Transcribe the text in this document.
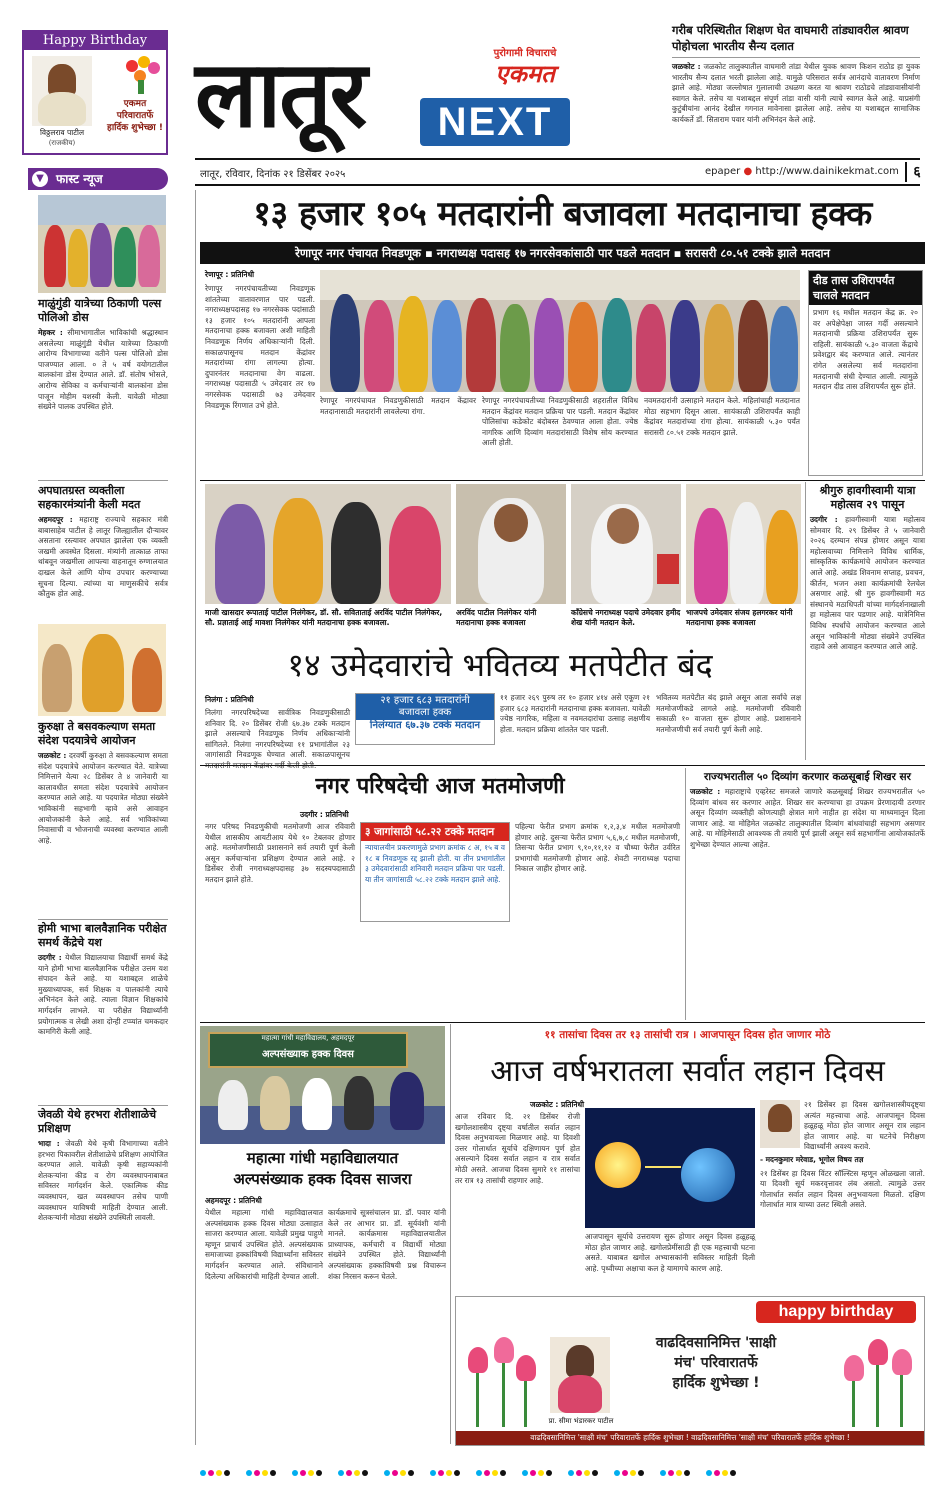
Happy Birthday
विठ्ठलराव पाटील
(राजकीय)
एकमत
परिवारातर्फे
हार्दिक शुभेच्छा ! लातूर	पुरोगामी विचाराचे
एकमत
NEXT
गरीब परिस्थितीत शिक्षण घेत वाघमारी तांड्यावरील श्रावण पोहोचला भारतीय सैन्य दलात
जळकोट : जळकोट तालुक्यातील वाघमारी तांडा येथील युवक श्रावण किशन राठोड हा युवक भारतीय सैन्य दलात भरती झालेला आहे. यामुळे परिसरात सर्वत्र आनंदाचे वातावरण निर्माण झाले आहे. मोठ्या जल्लोषात गुलालाची उधळण करत या श्रावण राठोडचे तांड्यावासीयांनी स्वागत केले. तसेच या यशाबद्दल संपूर्ण तांडा वासी यांनी त्याचे स्वागत केले आहे. याप्रसंगी कुटुंबीयांना आनंद देखील गगनात मावेनासा झालेला आहे. तसेच या यशाबद्दल सामाजिक कार्यकर्ते डॉ. सिताराम पवार यांनी अभिनंदन केले आहे.
लातूर, रविवार, दिनांक २१ डिसेंबर २०२५	epaper ● http://www.dainikekmat.com	६
▼	फास्ट न्यूज
माळुंगुंडी यात्रेच्या ठिकाणी पल्स पोलिओ डोस
मेहकर : सीमाभागातील भाविकांची श्रद्धास्थान असलेल्या माळुंगुंडी येथील यात्रेच्या ठिकाणी आरोग्य विभागाच्या वतीने पल्स पोलिओ डोस पाजण्यात आला. ० ते ५ वर्ष वयोगटातील बालकांना डोस देण्यात आले. डॉ. संतोष भोसले, आरोग्य सेविका व कर्मचाऱ्यांनी बालकांना डोस पाजून मोहीम यशस्वी केली. यावेळी मोठ्या संख्येने पालक उपस्थित होते.
अपघातग्रस्त व्यक्तीला सहकारमंत्र्यांनी केली मदत
अहमदपूर : महाराष्ट्र राज्याचे सहकार मंत्री बाबासाहेब पाटील हे लातूर जिल्ह्यातील दौऱ्यावर असताना रस्त्यावर अपघात झालेला एक व्यक्ती जखमी अवस्थेत दिसला. मंत्र्यांनी तात्काळ ताफा थांबवून जखमीला आपल्या वाहनातून रुग्णालयात दाखल केले आणि योग्य उपचार करण्याच्या सूचना दिल्या. त्यांच्या या माणुसकीचे सर्वत्र कौतुक होत आहे.
कुरुक्षा ते बसवकल्याण समता संदेश पदयात्रेचे आयोजन
जळकोट : दरवर्षी कुरुक्षा ते बसवकल्याण समता संदेश पदयात्रेचे आयोजन करण्यात येते. यात्रेच्या निमित्ताने येत्या २८ डिसेंबर ते ४ जानेवारी या कालावधीत समता संदेश पदयात्रेचे आयोजन करण्यात आले आहे. या पदयात्रेत मोठ्या संख्येने भाविकांनी सहभागी व्हावे असे आवाहन आयोजकांनी केले आहे. सर्व भाविकांच्या निवासाची व भोजनाची व्यवस्था करण्यात आली आहे.
होमी भाभा बालवैज्ञानिक परीक्षेत समर्थ केंद्रेचे यश
उदगीर : येथील विद्यालयाचा विद्यार्थी समर्थ केंद्रे याने होमी भाभा बालवैज्ञानिक परीक्षेत उत्तम यश संपादन केले आहे. या यशाबद्दल शाळेचे मुख्याध्यापक, सर्व शिक्षक व पालकांनी त्याचे अभिनंदन केले आहे. त्याला विज्ञान शिक्षकांचे मार्गदर्शन लाभले. या परीक्षेत विद्यार्थ्यांनी प्रयोगात्मक व लेखी अशा दोन्ही टप्प्यांत चमकदार कामगिरी केली आहे.
जेवळी येथे हरभरा शेतीशाळेचे प्रशिक्षण
भादा : जेवळी येथे कृषी विभागाच्या वतीने हरभरा पिकावरील शेतीशाळेचे प्रशिक्षण आयोजित करण्यात आले. यावेळी कृषी सहाय्यकांनी शेतकऱ्यांना कीड व रोग व्यवस्थापनाबाबत सविस्तर मार्गदर्शन केले. एकात्मिक कीड व्यवस्थापन, खत व्यवस्थापन तसेच पाणी व्यवस्थापन याविषयी माहिती देण्यात आली. शेतकऱ्यांनी मोठ्या संख्येने उपस्थिती लावली.
१३ हजार १०५ मतदारांनी बजावला मतदानाचा हक्क
रेणापूर नगर पंचायत निवडणूक ▪ नगराध्यक्ष पदासह १७ नगरसेवकांसाठी पार पडले मतदान ▪ सरासरी ८०.५१ टक्के झाले मतदान
रेणापूर : प्रतिनिधी
रेणापूर नगरपंचायतीच्या निवडणूक शांततेच्या वातावरणात पार पडली. नगराध्यक्षपदासह १७ नगरसेवक पदांसाठी १३ हजार १०५ मतदारांनी आपला मतदानाचा हक्क बजावला अशी माहिती निवडणूक निर्णय अधिकाऱ्यांनी दिली. सकाळपासूनच मतदान केंद्रांवर मतदारांच्या रांगा लागल्या होत्या. दुपारनंतर मतदानाचा वेग वाढला. नगराध्यक्ष पदासाठी ५ उमेदवार तर १७ नगरसेवक पदासाठी ७३ उमेदवार निवडणूक रिंगणात उभे होते.
रेणापूर नगरपंचायत निवडणुकीसाठी मतदान केंद्रावर मतदानासाठी मतदारांनी लावलेल्या रांगा.
रेणापूर नगरपंचायतीच्या निवडणुकीसाठी शहरातील विविध मतदान केंद्रांवर मतदान प्रक्रिया पार पडली. मतदान केंद्रांवर पोलिसांचा कडेकोट बंदोबस्त ठेवण्यात आला होता. ज्येष्ठ नागरिक आणि दिव्यांग मतदारांसाठी विशेष सोय करण्यात आली होती.
नवमतदारांनी उत्साहाने मतदान केले. महिलांचाही मतदानात मोठा सहभाग दिसून आला. सायंकाळी उशिरापर्यंत काही केंद्रांवर मतदारांच्या रांगा होत्या. सायंकाळी ५.३० पर्यंत सरासरी ८०.५१ टक्के मतदान झाले.
दीड तास उशिरापर्यंत चालले मतदान
प्रभाग १६ मधील मतदान केंद्र क्र. २० वर अपेक्षेपेक्षा जास्त गर्दी असल्याने मतदानाची प्रक्रिया उशिरापर्यंत सुरू राहिली. सायंकाळी ५.३० वाजता केंद्राचे प्रवेशद्वार बंद करण्यात आले. त्यानंतर रांगेत असलेल्या सर्व मतदारांना मतदानाची संधी देण्यात आली. त्यामुळे मतदान दीड तास उशिरापर्यंत सुरू होते.
माजी खासदार रूपाताई पाटील निलंगेकर, डॉ. सौ. सविताताई अरविंद पाटील निलंगेकर, सौ. प्रज्ञाताई आई मावशा निलंगेकर यांनी मतदानाचा हक्क बजावला.
अरविंद पाटील निलंगेकर यांनी मतदानाचा हक्क बजावला
काँग्रेसचे नगराध्यक्ष पदाचे उमेदवार हमीद शेख यांनी मतदान केले.
भाजपचे उमेदवार संजय हलगरकर यांनी मतदानाचा हक्क बजावला
श्रीगुरु हावगीस्वामी यात्रा महोत्सव २९ पासून
उदगीर : हावगीस्वामी यात्रा महोत्सव सोमवार दि. २९ डिसेंबर ते ५ जानेवारी २०२६ दरम्यान संपन्न होणार असून यात्रा महोत्सवाच्या निमित्ताने विविध धार्मिक, सांस्कृतिक कार्यक्रमांचे आयोजन करण्यात आले आहे. अखंड शिवनाम सप्ताह, प्रवचन, कीर्तन, भजन अशा कार्यक्रमांची रेलचेल असणार आहे. श्री गुरु हावगीस्वामी मठ संस्थानचे मठाधिपती यांच्या मार्गदर्शनाखाली हा महोत्सव पार पडणार आहे. यात्रेनिमित्त विविध स्पर्धांचे आयोजन करण्यात आले असून भाविकांनी मोठ्या संख्येने उपस्थित राहावे असे आवाहन करण्यात आले आहे.
१४ उमेदवारांचे भवितव्य मतपेटीत बंद
निलंगा : प्रतिनिधी
निलंगा नगरपरिषदेच्या सार्वत्रिक निवडणुकीसाठी शनिवार दि. २० डिसेंबर रोजी ६७.३७ टक्के मतदान झाले असल्याचे निवडणूक निर्णय अधिकाऱ्यांनी सांगितले. निलंगा नगरपरिषदेच्या ११ प्रभागांतील २३ जागांसाठी निवडणूक घेण्यात आली. सकाळपासूनच
२१ हजार ६८३ मतदारांनी
बजावला हक्क
निलंग्यात ६७.३७ टक्के मतदान
११ हजार २६९ पुरुष तर १० हजार ४१४ असे एकूण २१ हजार ६८३ मतदारांनी मतदानाचा हक्क बजावला. यावेळी ज्येष्ठ नागरिक, महिला व नवमतदारांचा उत्साह लक्षणीय होता. मतदान प्रक्रिया शांततेत पार पडली.
भवितव्य मतपेटीत बंद झाले असून आता सर्वांचे लक्ष मतमोजणीकडे लागले आहे. मतमोजणी रविवारी सकाळी १० वाजता सुरू होणार आहे. प्रशासनाने मतमोजणीची सर्व तयारी पूर्ण केली आहे.
नगर परिषदेची आज मतमोजणी
उदगीर : प्रतिनिधी
नगर परिषद निवडणुकीची मतमोजणी आज रविवारी येथील शासकीय आयटीआय येथे १० टेबलवर होणार आहे. मतमोजणीसाठी प्रशासनाने सर्व तयारी पूर्ण केली असून कर्मचाऱ्यांना प्रशिक्षण देण्यात आले आहे. २ डिसेंबर रोजी नगराध्यक्षपदासह ३७ सदस्यपदासाठी मतदान झाले होते.
३ जागांसाठी ५८.२२ टक्के मतदान
न्यायालयीन प्रकरणामुळे प्रभाग क्रमांक ८ अ, १५ ब व १८ ब निवडणूक रद्द झाली होती. या तीन प्रभागांतील ३ उमेदवारांसाठी शनिवारी मतदान प्रक्रिया पार पडली. या तीन जागांसाठी ५८.२२ टक्के मतदान झाले आहे.
पहिल्या फेरीत प्रभाग क्रमांक १,२,३,४ मधील मतमोजणी होणार आहे. दुसऱ्या फेरीत प्रभाग ५,६,७,८ मधील मतमोजणी, तिसऱ्या फेरीत प्रभाग ९,१०,११,१२ व चौथ्या फेरीत उर्वरित प्रभागांची मतमोजणी होणार आहे. शेवटी नगराध्यक्ष पदाचा निकाल जाहीर होणार आहे.
राज्यभरातील ५० दिव्यांग करणार कळसूबाई शिखर सर
जळकोट : महाराष्ट्राचे एव्हरेस्ट समजले जाणारे कळसूबाई शिखर राज्यभरातील ५० दिव्यांग बांधव सर करणार आहेत. शिखर सर करण्याचा हा उपक्रम प्रेरणादायी ठरणार असून दिव्यांग व्यक्तीही कोणत्याही क्षेत्रात मागे नाहीत हा संदेश या माध्यमातून दिला जाणार आहे. या मोहिमेत जळकोट तालुक्यातील दिव्यांग बांधवांचाही सहभाग असणार आहे. या मोहिमेसाठी आवश्यक ती तयारी पूर्ण झाली असून सर्व सहभागींना आयोजकांतर्फे शुभेच्छा देण्यात आल्या आहेत.
११ तासांचा दिवस तर १३ तासांची रात्र । आजपासून दिवस होत जाणार मोठे
आज वर्षभरातला सर्वांत लहान दिवस
जळकोट : प्रतिनिधी
आज रविवार दि. २१ डिसेंबर रोजी खगोलशास्त्रीय दृष्ट्या वर्षातील सर्वात लहान दिवस अनुभवायला मिळणार आहे. या दिवशी उत्तर गोलार्धात सूर्याचे दक्षिणायन पूर्ण होत असल्याने दिवस सर्वात लहान व रात्र सर्वात मोठी असते. आजचा दिवस सुमारे ११ तासांचा तर रात्र १३ तासांची राहणार आहे.
आजपासून सूर्याचे उत्तरायण सुरू होणार असून दिवस हळूहळू मोठा होत जाणार आहे. खगोलप्रेमींसाठी ही एक महत्त्वाची घटना असते. याबाबत खगोल अभ्यासकांनी सविस्तर माहिती दिली आहे. पृथ्वीच्या अक्षाचा कल हे यामागचे कारण आहे.
२१ डिसेंबर हा दिवस खगोलशास्त्रीयदृष्ट्या अत्यंत महत्त्वाचा आहे. आजपासून दिवस हळूहळू मोठा होत जाणार असून रात्र लहान होत जाणार आहे. या घटनेचे निरीक्षण विद्यार्थ्यांनी अवश्य करावे.
- मदनकुमार मरेवाड, भूगोल विषय तज्ञ
२१ डिसेंबर हा दिवस विंटर सॉल्स्टिस म्हणून ओळखला जातो. या दिवशी सूर्य मकरवृत्तावर लंब असतो. त्यामुळे उत्तर गोलार्धात सर्वात लहान दिवस अनुभवायला मिळतो. दक्षिण गोलार्धात मात्र याच्या उलट स्थिती असते.
महात्मा गांधी महाविद्यालय, अहमदपूर
अल्पसंख्याक हक्क दिवस
महात्मा गांधी महाविद्यालयात
अल्पसंख्याक हक्क दिवस साजरा
अहमदपूर : प्रतिनिधी
येथील महात्मा गांधी महाविद्यालयात अल्पसंख्याक हक्क दिवस मोठ्या उत्साहात साजरा करण्यात आला. यावेळी प्रमुख पाहुणे म्हणून प्राचार्य उपस्थित होते. अल्पसंख्याक समाजाच्या हक्कांविषयी विद्यार्थ्यांना सविस्तर मार्गदर्शन करण्यात आले. संविधानाने दिलेल्या अधिकारांची माहिती देण्यात आली.
कार्यक्रमाचे सूत्रसंचालन प्रा. डॉ. पवार यांनी केले तर आभार प्रा. डॉ. सूर्यवंशी यांनी मानले. कार्यक्रमास महाविद्यालयातील प्राध्यापक, कर्मचारी व विद्यार्थी मोठ्या संख्येने उपस्थित होते. विद्यार्थ्यांनी अल्पसंख्याक हक्कांविषयी प्रश्न विचारून शंका निरसन करून घेतले.
happy birthday
प्रा. सीमा भंडारकर पाटील
वाढदिवसानिमित्त 'साक्षी
मंच' परिवारातर्फे
हार्दिक शुभेच्छा !
वाढदिवसानिमित्त 'साक्षी मंच' परिवारातर्फे हार्दिक शुभेच्छा ! वाढदिवसानिमित्त 'साक्षी मंच' परिवारातर्फे हार्दिक शुभेच्छा !
